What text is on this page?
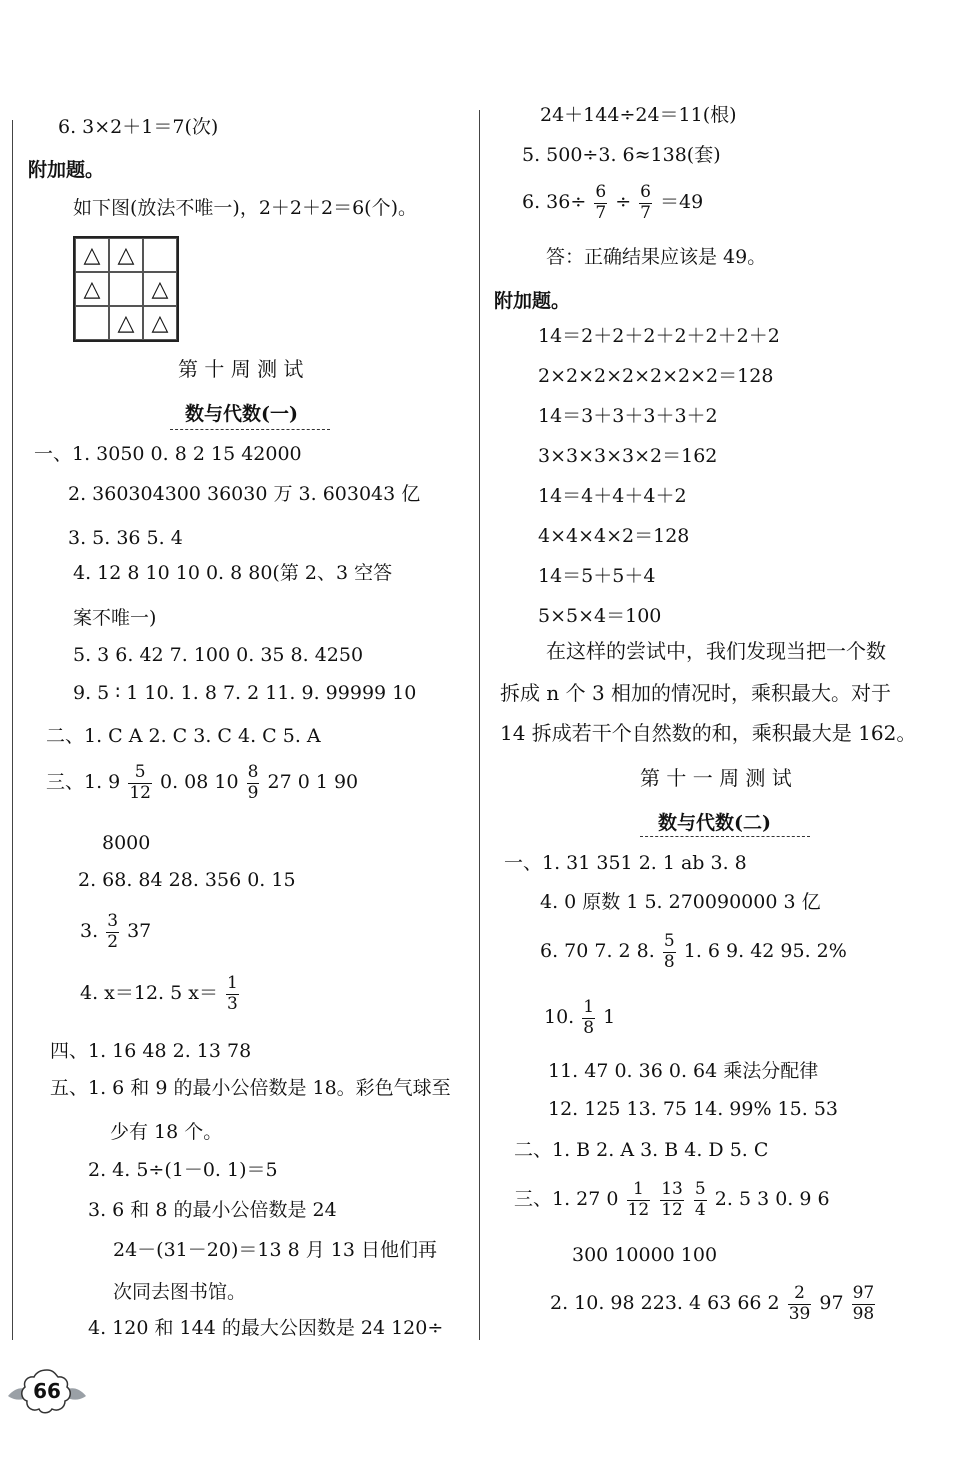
6. 3×2＋1＝7(次)
附加题。
如下图(放法不唯一)，2＋2＋2＝6(个)。
△ △
△	△
△ △
第 十 周 测 试
数与代数(一)
一、1. 3050 0. 8 2 15 42000
2. 360304300 36030 万 3. 603043 亿
3. 5. 36 5. 4
4. 12 8 10 10 0. 8 80(第 2、3 空答
案不唯一)
5. 3 6. 42 7. 100 0. 35 8. 4250
9. 5 ∶ 1 10. 1. 8 7. 2 11. 9. 99999 10
二、1. C A 2. C 3. C 4. C 5. A
三、1. $9 \frac{5}{12} 0$. 08 $10 \frac{8}{9} 27$ 0 1 90
8000
2. 68. 84 28. 356 0. 15
3. $\frac{3}{2} 37$
4. x＝12. 5 $x= \frac{1}{3}$
四、1. 16 48 2. 13 78
五、1. 6 和 9 的最小公倍数是 18。彩色气球至
少有 18 个。
2. 4. 5÷(1－0. 1)＝5
3. 6 和 8 的最小公倍数是 24
24－(31－20)＝13 8 月 13 日他们再
次同去图书馆。
4. 120 和 144 的最大公因数是 24 120÷
24＋144÷24＝11(根)
5. 500÷3. 6≈138(套)
6. $36\div \frac{6}{7} \div \frac{6}{7} =49$
答：正确结果应该是 49。
附加题。
14＝2＋2＋2＋2＋2＋2＋2
2×2×2×2×2×2×2＝128
14＝3＋3＋3＋3＋2
3×3×3×3×2＝162
14＝4＋4＋4＋2
4×4×4×2＝128
14＝5＋5＋4
5×5×4＝100
在这样的尝试中，我们发现当把一个数
拆成 n 个 3 相加的情况时，乘积最大。对于
14 拆成若干个自然数的和，乘积最大是 162。
第 十 一 周 测 试
数与代数(二)
一、1. 31 351 2. 1 ab 3. 8
4. 0 原数 1 5. 270090000 3 亿
6. 70 7. 2 8. $\frac{5}{8} 1$. 6 9. 42 95. 2%
10. $\frac{1}{8} 1$
11. 47 0. 36 0. 64 乘法分配律
12. 125 13. 75 14. 99% 15. 53
二、1. B 2. A 3. B 4. D 5. C
三、1. 27 $0 \frac{1}{12}$
$\frac{13}{12}$
$\frac{5}{4} 2$. 5 3 0. 9 6
300 10000 100
2. 10. 98 223. 4 63 66 $2 \frac{2}{39} 97 \frac{97}{98}$
66
